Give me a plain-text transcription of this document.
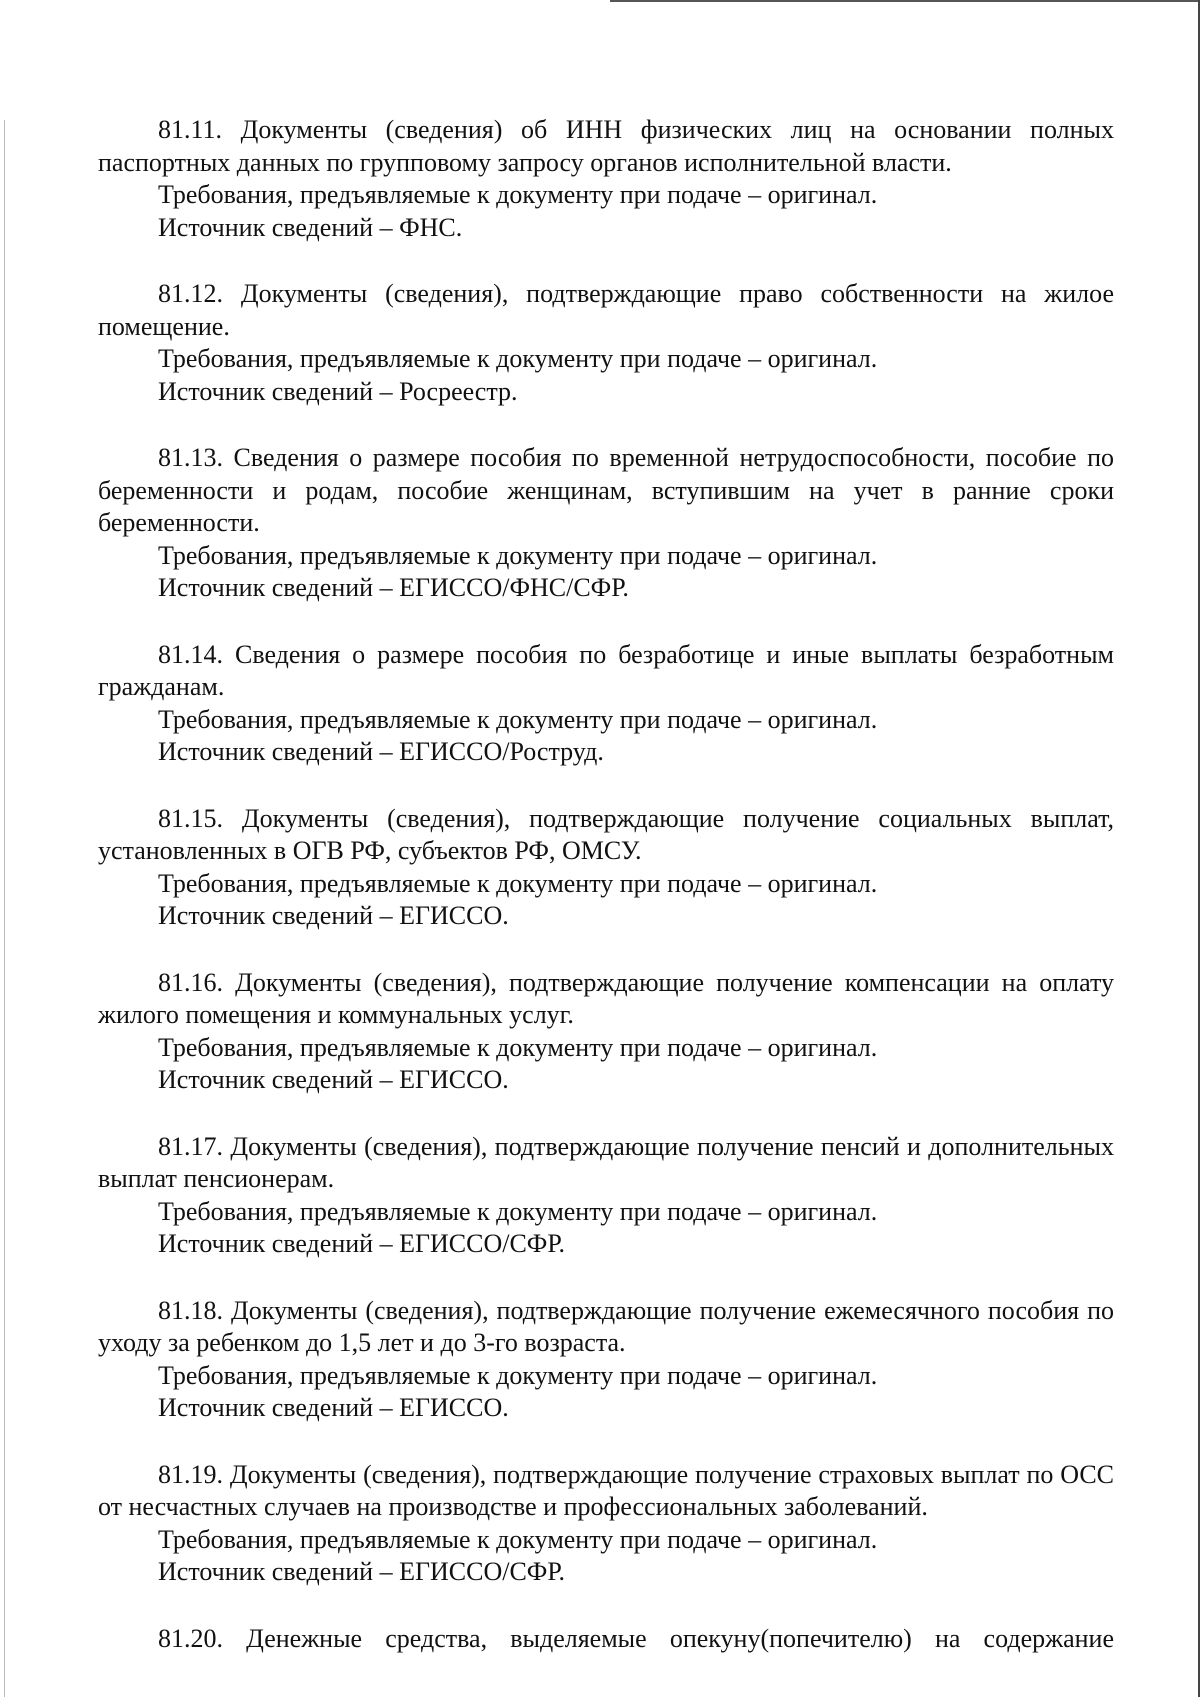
81.11. Документы (сведения) об ИНН физических лиц на основании полных паспортных данных по групповому запросу органов исполнительной власти.

Требования, предъявляемые к документу при подаче – оригинал.

Источник сведений – ФНС.

81.12. Документы (сведения), подтверждающие право собственности на жилое помещение.

Требования, предъявляемые к документу при подаче – оригинал.

Источник сведений – Росреестр.

81.13. Сведения о размере пособия по временной нетрудоспособности, пособие по беременности и родам, пособие женщинам, вступившим на учет в ранние сроки беременности.

Требования, предъявляемые к документу при подаче – оригинал.

Источник сведений – ЕГИССО/ФНС/СФР.

81.14. Сведения о размере пособия по безработице и иные выплаты безработным гражданам.

Требования, предъявляемые к документу при подаче – оригинал.

Источник сведений – ЕГИССО/Роструд.

81.15. Документы (сведения), подтверждающие получение социальных выплат, установленных в ОГВ РФ, субъектов РФ, ОМСУ.

Требования, предъявляемые к документу при подаче – оригинал.

Источник сведений – ЕГИССО.

81.16. Документы (сведения), подтверждающие получение компенсации на оплату жилого помещения и коммунальных услуг.

Требования, предъявляемые к документу при подаче – оригинал.

Источник сведений – ЕГИССО.

81.17. Документы (сведения), подтверждающие получение пенсий и дополнительных выплат пенсионерам.

Требования, предъявляемые к документу при подаче – оригинал.

Источник сведений – ЕГИССО/СФР.

81.18. Документы (сведения), подтверждающие получение ежемесячного пособия по уходу за ребенком до 1,5 лет и до 3-го возраста.

Требования, предъявляемые к документу при подаче – оригинал.

Источник сведений – ЕГИССО.

81.19. Документы (сведения), подтверждающие получение страховых выплат по ОСС от несчастных случаев на производстве и профессиональных заболеваний.

Требования, предъявляемые к документу при подаче – оригинал.

Источник сведений – ЕГИССО/СФР.

81.20. Денежные средства, выделяемые опекуну(попечителю) на содержание
